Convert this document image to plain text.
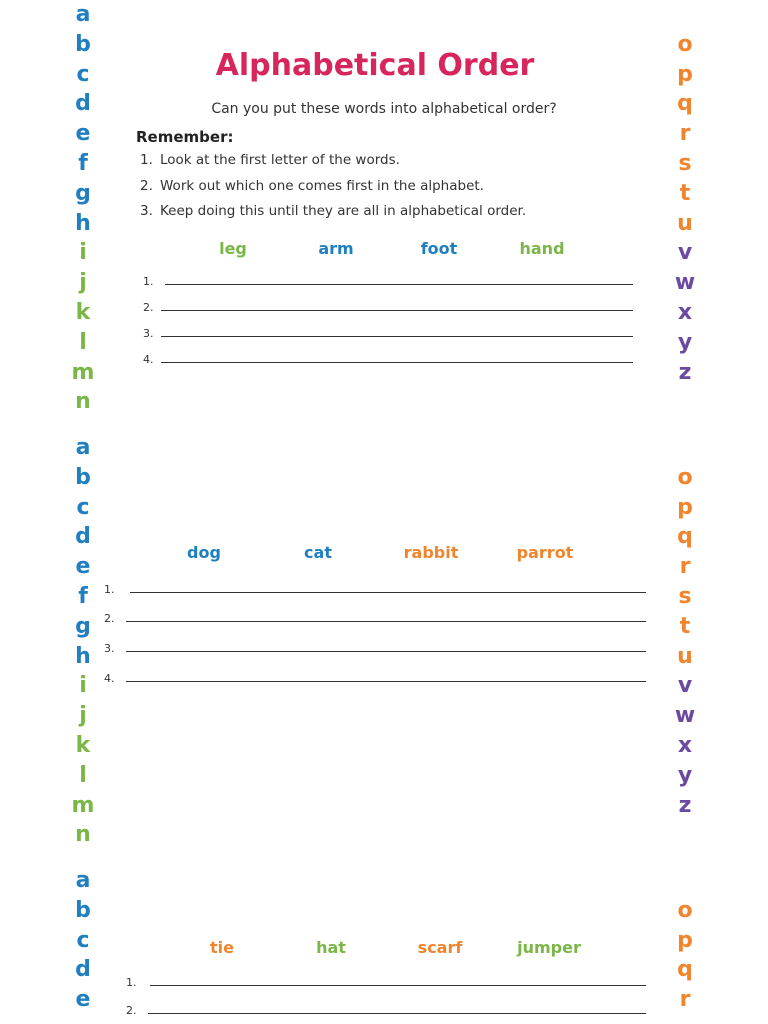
a
b
c
d
e
f
g
h
i
j
k
l
m
n
a
b
c
d
e
f
g
h
i
j
k
l
m
n
a
b
c
d
e
o
p
q
r
s
t
u
v
w
x
y
z
o
p
q
r
s
t
u
v
w
x
y
z
o
p
q
r
Alphabetical Order
Can you put these words into alphabetical order?
Remember:
1. Look at the first letter of the words.
2. Work out which one comes first in the alphabet.
3. Keep doing this until they are all in alphabetical order.
leg	arm	foot	hand
1.
2.
3.
4.
dog	cat	rabbit	parrot
1.
2.
3.
4.
tie	hat	scarf	jumper
1.
2.
